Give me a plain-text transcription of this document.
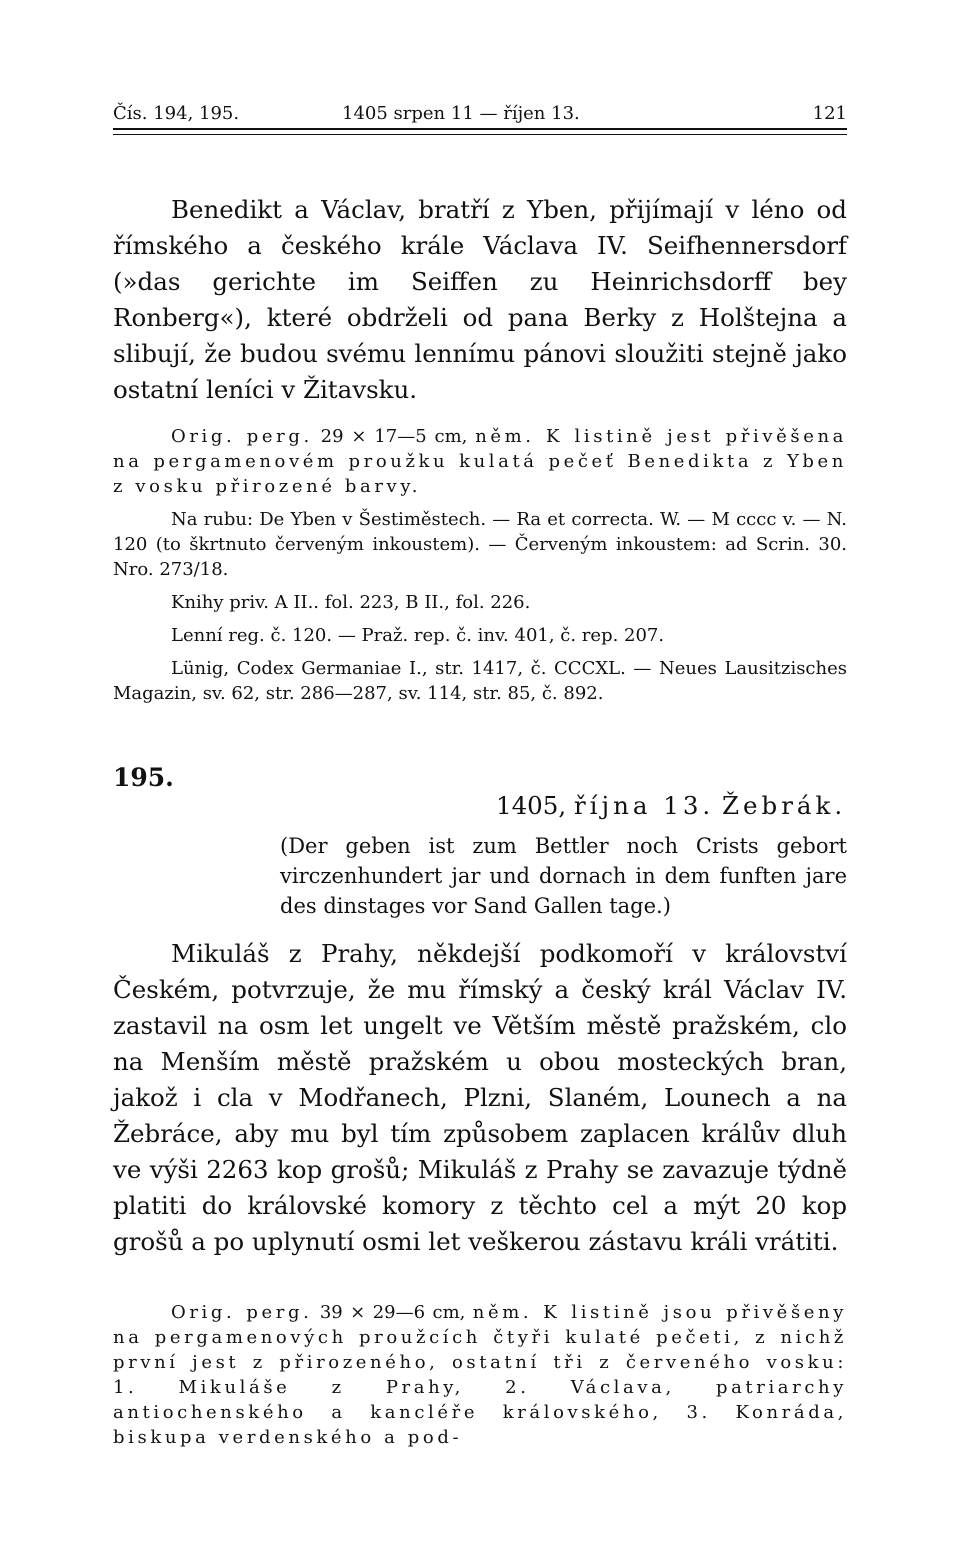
Čís. 194, 195.	1405 srpen 11 — říjen 13.	121

Benedikt a Václav, bratří z Yben, přijímají v léno od římského a českého krále Václava IV. Seifhennersdorf (»das gerichte im Seiffen zu Heinrichsdorff bey Ronberg«), které obdrželi od pana Berky z Holštejna a slibují, že budou svému lennímu pánovi sloužiti stejně jako ostatní leníci v Žitavsku.

Orig. perg. 29 × 17—5 cm, něm. K listině jest přivěšena na pergamenovém proužku kulatá pečeť Benedikta z Yben z vosku přirozené barvy.

Na rubu: De Yben v Šestiměstech. — Ra et correcta. W. — M cccc v. — N. 120 (to škrtnuto červeným inkoustem). — Červeným inkoustem: ad Scrin. 30. Nro. 273/18.

Knihy priv. A II.. fol. 223, B II., fol. 226.

Lenní reg. č. 120. — Praž. rep. č. inv. 401, č. rep. 207.

Lünig, Codex Germaniae I., str. 1417, č. CCCXL. — Neues Lausitzisches Magazin, sv. 62, str. 286—287, sv. 114, str. 85, č. 892.

195.
1405, října 13. Žebrák.

(Der geben ist zum Bettler noch Crists gebort virczenhundert jar und dornach in dem funften jare des dinstages vor Sand Gallen tage.)

Mikuláš z Prahy, někdejší podkomoří v království Českém, potvrzuje, že mu římský a český král Václav IV. zastavil na osm let ungelt ve Větším městě pražském, clo na Menším městě pražském u obou mosteckých bran, jakož i cla v Modřanech, Plzni, Slaném, Lounech a na Žebráce, aby mu byl tím způsobem zaplacen králův dluh ve výši 2263 kop grošů; Mikuláš z Prahy se zavazuje týdně platiti do královské komory z těchto cel a mýt 20 kop grošů a po uplynutí osmi let veškerou zástavu králi vrátiti.

Orig. perg. 39 × 29—6 cm, něm. K listině jsou přivěšeny na pergamenových proužcích čtyři kulaté pečeti, z nichž první jest z přirozeného, ostatní tři z červeného vosku: 1. Mikuláše z Prahy, 2. Václava, patriarchy antiochenského a kancléře královského, 3. Konráda, biskupa verdenského a pod-
